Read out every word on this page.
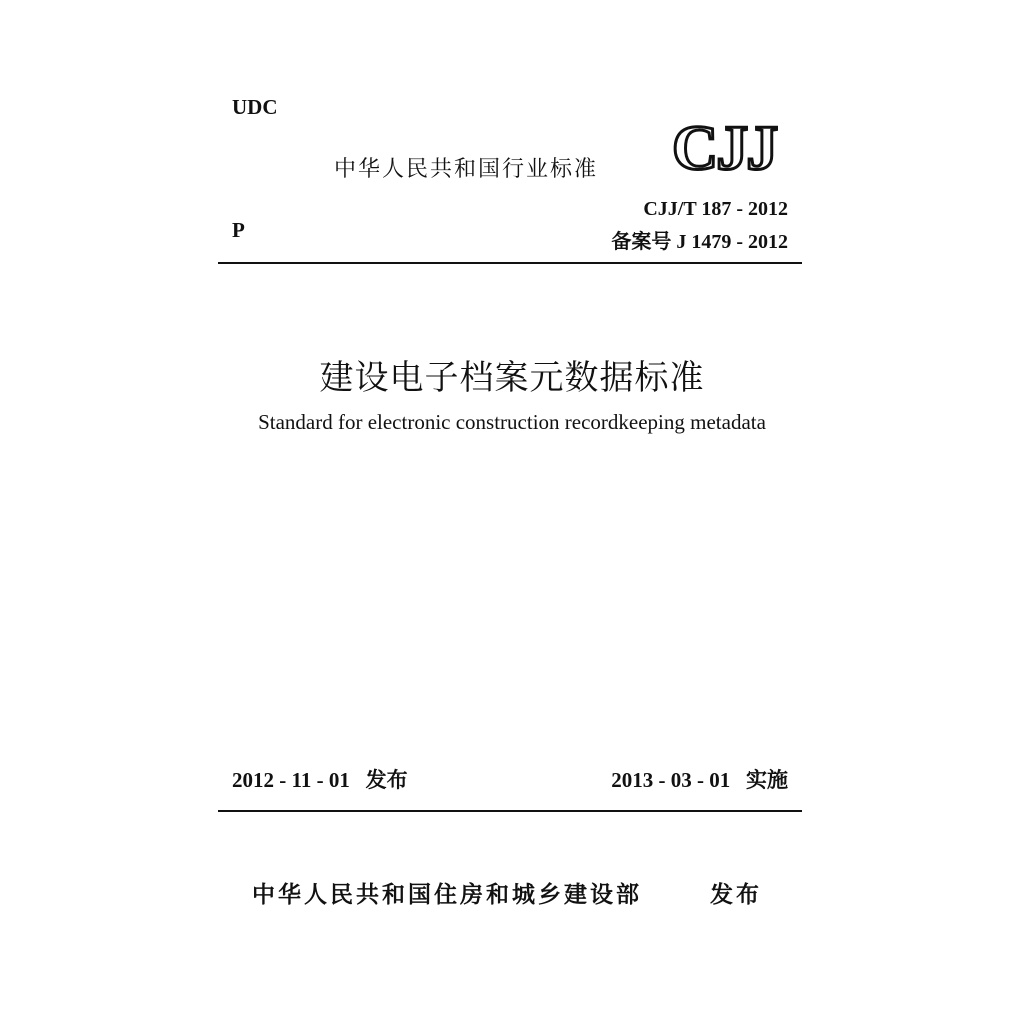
UDC
中华人民共和国行业标准 CJJ
P
CJJ/T 187 - 2012
备案号 J 1479 - 2012
建设电子档案元数据标准
Standard for electronic construction recordkeeping metadata
2012 - 11 - 01   发布	2013 - 03 - 01   实施
中华人民共和国住房和城乡建设部	发布
